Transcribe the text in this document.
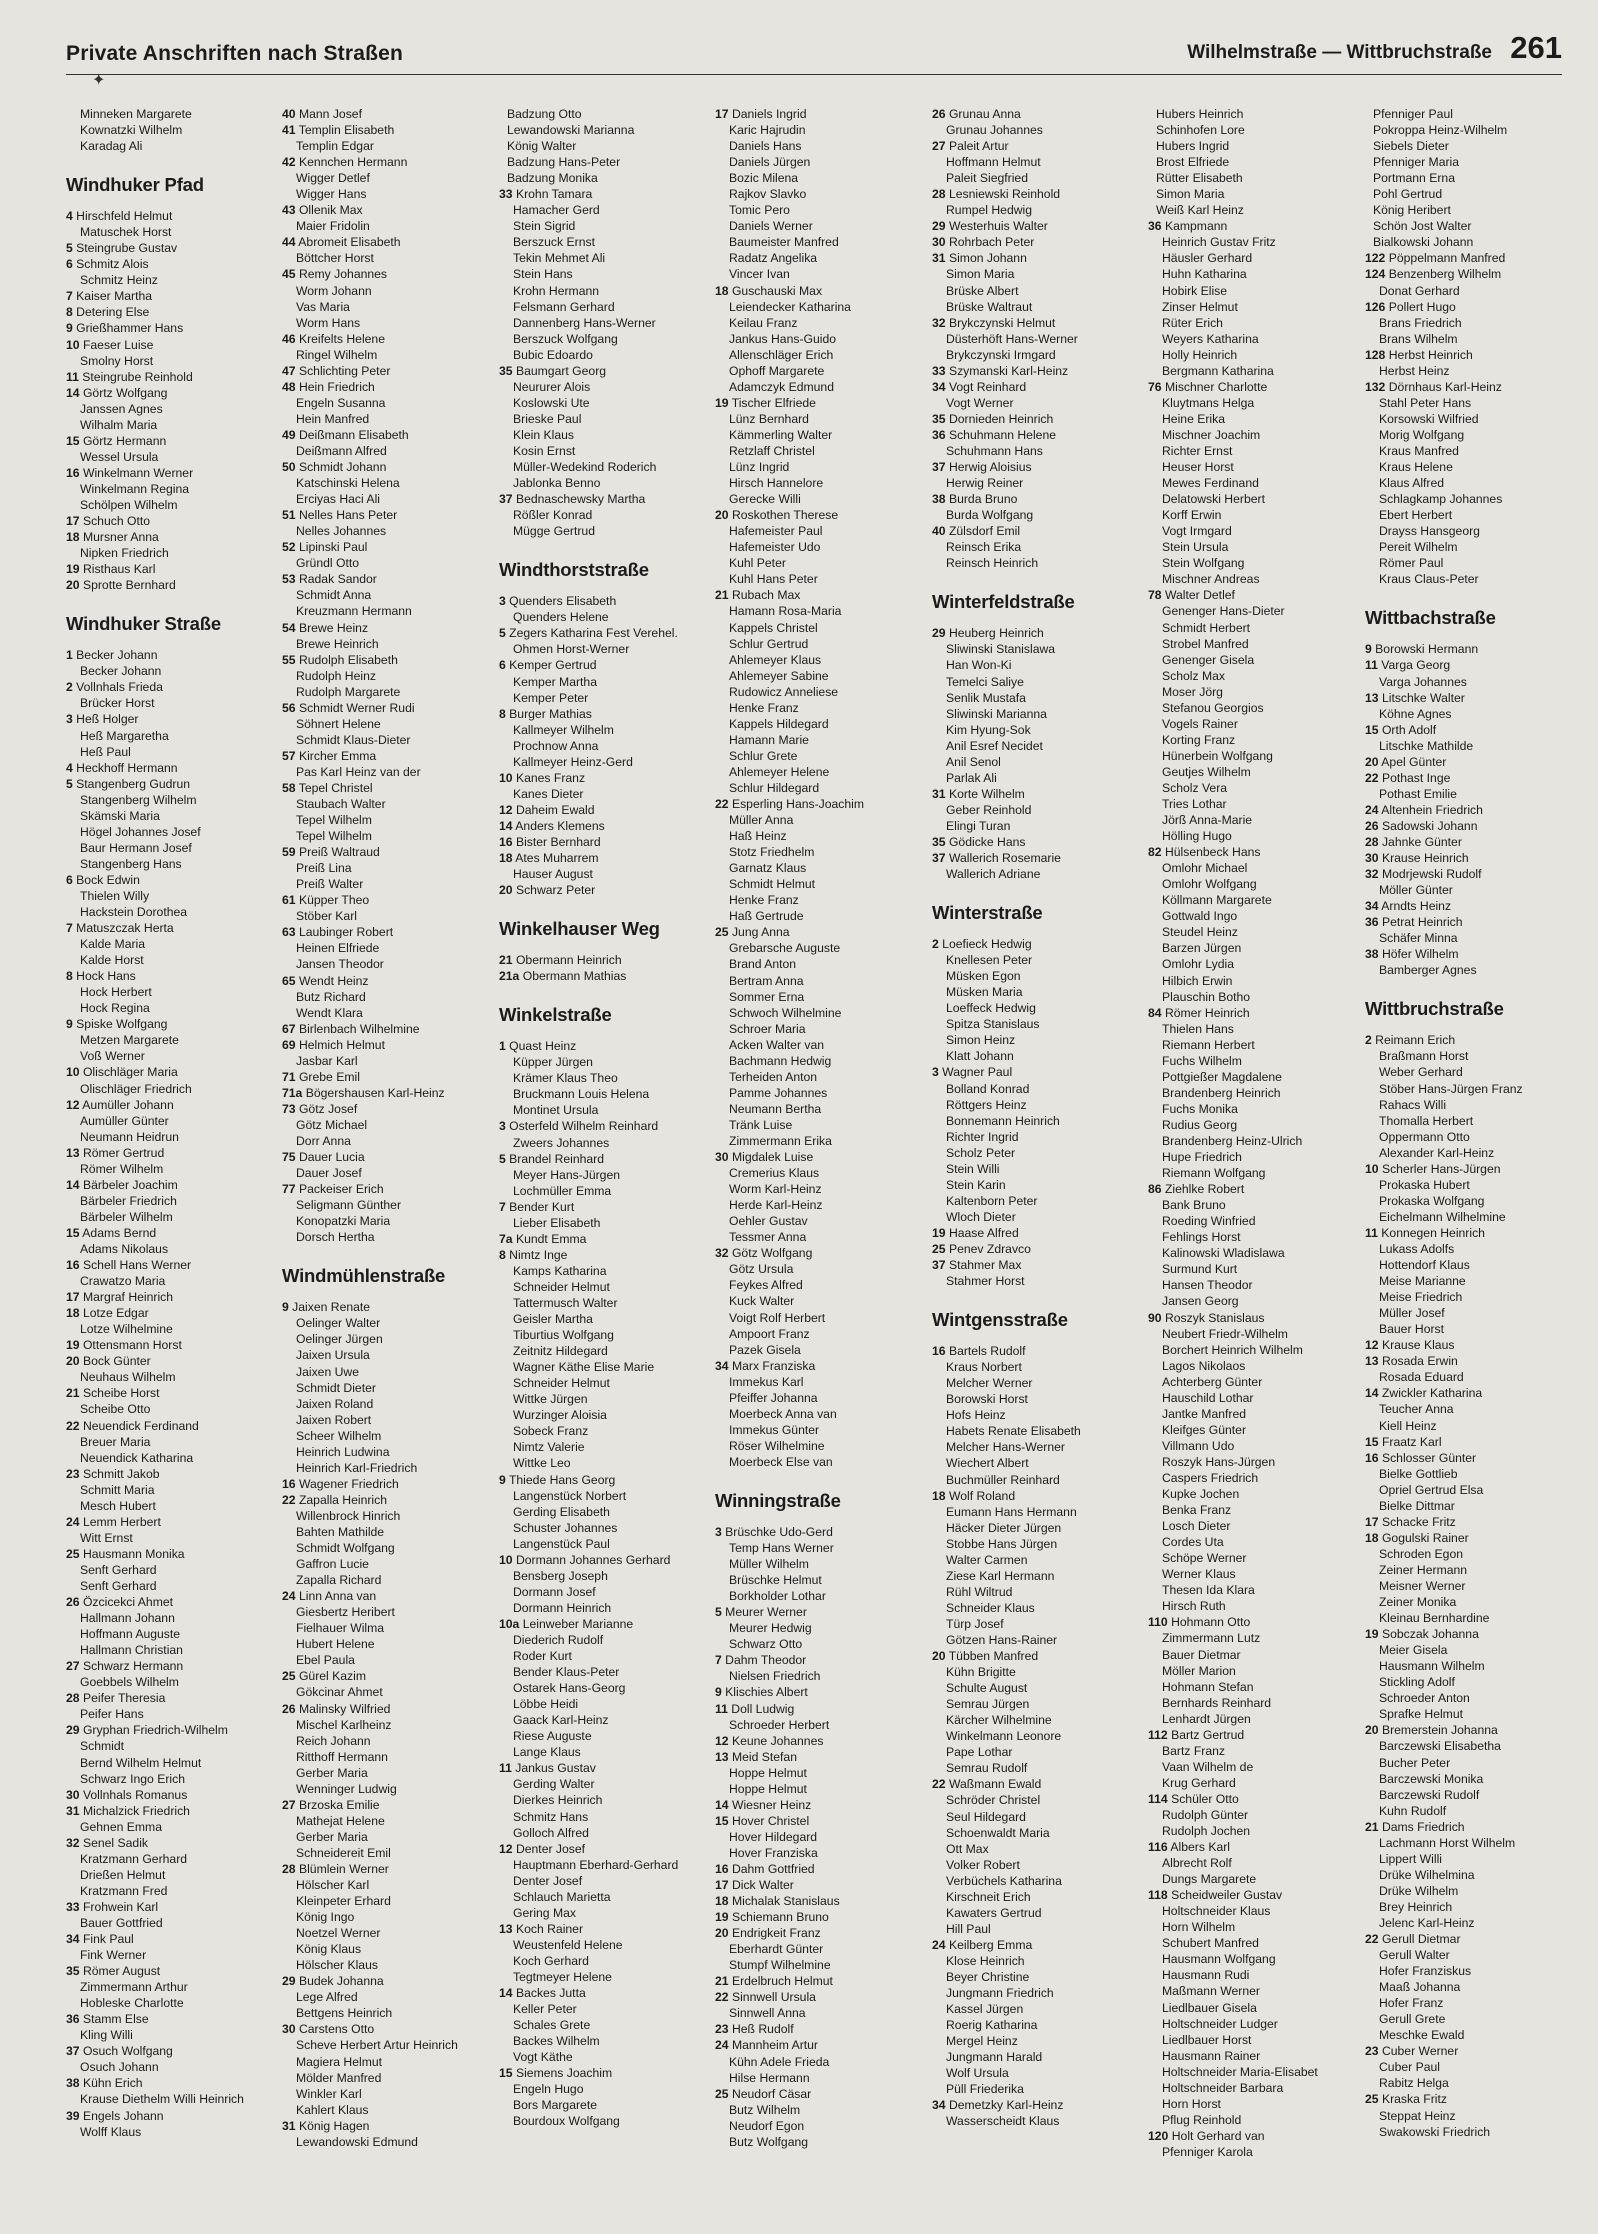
Private Anschriften nach Straßen	Wilhelmstraße — Wittbruchstraße 261
✦
Minneken Margarete
Kownatzki Wilhelm
Karadag Ali
Windhuker Pfad
4 Hirschfeld Helmut
Matuschek Horst
5 Steingrube Gustav
6 Schmitz Alois
Schmitz Heinz
7 Kaiser Martha
8 Detering Else
9 Grießhammer Hans
10 Faeser Luise
Smolny Horst
11 Steingrube Reinhold
14 Görtz Wolfgang
Janssen Agnes
Wilhalm Maria
15 Görtz Hermann
Wessel Ursula
16 Winkelmann Werner
Winkelmann Regina
Schölpen Wilhelm
17 Schuch Otto
18 Mursner Anna
Nipken Friedrich
19 Risthaus Karl
20 Sprotte Bernhard
Windhuker Straße
1 Becker Johann
Becker Johann
2 Vollnhals Frieda
Brücker Horst
3 Heß Holger
Heß Margaretha
Heß Paul
4 Heckhoff Hermann
5 Stangenberg Gudrun
Stangenberg Wilhelm
Skämski Maria
Högel Johannes Josef
Baur Hermann Josef
Stangenberg Hans
6 Bock Edwin
Thielen Willy
Hackstein Dorothea
7 Matuszczak Herta
Kalde Maria
Kalde Horst
8 Hock Hans
Hock Herbert
Hock Regina
9 Spiske Wolfgang
Metzen Margarete
Voß Werner
10 Olischläger Maria
Olischläger Friedrich
12 Aumüller Johann
Aumüller Günter
Neumann Heidrun
13 Römer Gertrud
Römer Wilhelm
14 Bärbeler Joachim
Bärbeler Friedrich
Bärbeler Wilhelm
15 Adams Bernd
Adams Nikolaus
16 Schell Hans Werner
Crawatzo Maria
17 Margraf Heinrich
18 Lotze Edgar
Lotze Wilhelmine
19 Ottensmann Horst
20 Bock Günter
Neuhaus Wilhelm
21 Scheibe Horst
Scheibe Otto
22 Neuendick Ferdinand
Breuer Maria
Neuendick Katharina
23 Schmitt Jakob
Schmitt Maria
Mesch Hubert
24 Lemm Herbert
Witt Ernst
25 Hausmann Monika
Senft Gerhard
Senft Gerhard
26 Özcicekci Ahmet
Hallmann Johann
Hoffmann Auguste
Hallmann Christian
27 Schwarz Hermann
Goebbels Wilhelm
28 Peifer Theresia
Peifer Hans
29 Gryphan Friedrich-Wilhelm
Schmidt
Bernd Wilhelm Helmut
Schwarz Ingo Erich
30 Vollnhals Romanus
31 Michalzick Friedrich
Gehnen Emma
32 Senel Sadik
Kratzmann Gerhard
Drießen Helmut
Kratzmann Fred
33 Frohwein Karl
Bauer Gottfried
34 Fink Paul
Fink Werner
35 Römer August
Zimmermann Arthur
Hobleske Charlotte
36 Stamm Else
Kling Willi
37 Osuch Wolfgang
Osuch Johann
38 Kühn Erich
Krause Diethelm Willi Heinrich
39 Engels Johann
Wolff Klaus
40 Mann Josef
41 Templin Elisabeth
Templin Edgar
42 Kennchen Hermann
Wigger Detlef
Wigger Hans
43 Ollenik Max
Maier Fridolin
44 Abromeit Elisabeth
Böttcher Horst
45 Remy Johannes
Worm Johann
Vas Maria
Worm Hans
46 Kreifelts Helene
Ringel Wilhelm
47 Schlichting Peter
48 Hein Friedrich
Engeln Susanna
Hein Manfred
49 Deißmann Elisabeth
Deißmann Alfred
50 Schmidt Johann
Katschinski Helena
Erciyas Haci Ali
51 Nelles Hans Peter
Nelles Johannes
52 Lipinski Paul
Gründl Otto
53 Radak Sandor
Schmidt Anna
Kreuzmann Hermann
54 Brewe Heinz
Brewe Heinrich
55 Rudolph Elisabeth
Rudolph Heinz
Rudolph Margarete
56 Schmidt Werner Rudi
Söhnert Helene
Schmidt Klaus-Dieter
57 Kircher Emma
Pas Karl Heinz van der
58 Tepel Christel
Staubach Walter
Tepel Wilhelm
Tepel Wilhelm
59 Preiß Waltraud
Preiß Lina
Preiß Walter
61 Küpper Theo
Stöber Karl
63 Laubinger Robert
Heinen Elfriede
Jansen Theodor
65 Wendt Heinz
Butz Richard
Wendt Klara
67 Birlenbach Wilhelmine
69 Helmich Helmut
Jasbar Karl
71 Grebe Emil
71a Bögershausen Karl-Heinz
73 Götz Josef
Götz Michael
Dorr Anna
75 Dauer Lucia
Dauer Josef
77 Packeiser Erich
Seligmann Günther
Konopatzki Maria
Dorsch Hertha
Windmühlenstraße
9 Jaixen Renate
Oelinger Walter
Oelinger Jürgen
Jaixen Ursula
Jaixen Uwe
Schmidt Dieter
Jaixen Roland
Jaixen Robert
Scheer Wilhelm
Heinrich Ludwina
Heinrich Karl-Friedrich
16 Wagener Friedrich
22 Zapalla Heinrich
Willenbrock Hinrich
Bahten Mathilde
Schmidt Wolfgang
Gaffron Lucie
Zapalla Richard
24 Linn Anna van
Giesbertz Heribert
Fielhauer Wilma
Hubert Helene
Ebel Paula
25 Gürel Kazim
Gökcinar Ahmet
26 Malinsky Wilfried
Mischel Karlheinz
Reich Johann
Ritthoff Hermann
Gerber Maria
Wenninger Ludwig
27 Brzoska Emilie
Mathejat Helene
Gerber Maria
Schneidereit Emil
28 Blümlein Werner
Hölscher Karl
Kleinpeter Erhard
König Ingo
Noetzel Werner
König Klaus
Hölscher Klaus
29 Budek Johanna
Lege Alfred
Bettgens Heinrich
30 Carstens Otto
Scheve Herbert Artur Heinrich
Magiera Helmut
Mölder Manfred
Winkler Karl
Kahlert Klaus
31 König Hagen
Lewandowski Edmund
Badzung Otto
Lewandowski Marianna
König Walter
Badzung Hans-Peter
Badzung Monika
33 Krohn Tamara
Hamacher Gerd
Stein Sigrid
Berszuck Ernst
Tekin Mehmet Ali
Stein Hans
Krohn Hermann
Felsmann Gerhard
Dannenberg Hans-Werner
Berszuck Wolfgang
Bubic Edoardo
35 Baumgart Georg
Neururer Alois
Koslowski Ute
Brieske Paul
Klein Klaus
Kosin Ernst
Müller-Wedekind Roderich
Jablonka Benno
37 Bednaschewsky Martha
Rößler Konrad
Mügge Gertrud
Windthorststraße
3 Quenders Elisabeth
Quenders Helene
5 Zegers Katharina Fest Verehel.
Ohmen Horst-Werner
6 Kemper Gertrud
Kemper Martha
Kemper Peter
8 Burger Mathias
Kallmeyer Wilhelm
Prochnow Anna
Kallmeyer Heinz-Gerd
10 Kanes Franz
Kanes Dieter
12 Daheim Ewald
14 Anders Klemens
16 Bister Bernhard
18 Ates Muharrem
Hauser August
20 Schwarz Peter
Winkelhauser Weg
21 Obermann Heinrich
21a Obermann Mathias
Winkelstraße
1 Quast Heinz
Küpper Jürgen
Krämer Klaus Theo
Bruckmann Louis Helena
Montinet Ursula
3 Osterfeld Wilhelm Reinhard
Zweers Johannes
5 Brandel Reinhard
Meyer Hans-Jürgen
Lochmüller Emma
7 Bender Kurt
Lieber Elisabeth
7a Kundt Emma
8 Nimtz Inge
Kamps Katharina
Schneider Helmut
Tattermusch Walter
Geisler Martha
Tiburtius Wolfgang
Zeitnitz Hildegard
Wagner Käthe Elise Marie
Schneider Helmut
Wittke Jürgen
Wurzinger Aloisia
Sobeck Franz
Nimtz Valerie
Wittke Leo
9 Thiede Hans Georg
Langenstück Norbert
Gerding Elisabeth
Schuster Johannes
Langenstück Paul
10 Dormann Johannes Gerhard
Bensberg Joseph
Dormann Josef
Dormann Heinrich
10a Leinweber Marianne
Diederich Rudolf
Roder Kurt
Bender Klaus-Peter
Ostarek Hans-Georg
Löbbe Heidi
Gaack Karl-Heinz
Riese Auguste
Lange Klaus
11 Jankus Gustav
Gerding Walter
Dierkes Heinrich
Schmitz Hans
Golloch Alfred
12 Denter Josef
Hauptmann Eberhard-Gerhard
Denter Josef
Schlauch Marietta
Gering Max
13 Koch Rainer
Weustenfeld Helene
Koch Gerhard
Tegtmeyer Helene
14 Backes Jutta
Keller Peter
Schales Grete
Backes Wilhelm
Vogt Käthe
15 Siemens Joachim
Engeln Hugo
Bors Margarete
Bourdoux Wolfgang
17 Daniels Ingrid
Karic Hajrudin
Daniels Hans
Daniels Jürgen
Bozic Milena
Rajkov Slavko
Tomic Pero
Daniels Werner
Baumeister Manfred
Radatz Angelika
Vincer Ivan
18 Guschauski Max
Leiendecker Katharina
Keilau Franz
Jankus Hans-Guido
Allenschläger Erich
Ophoff Margarete
Adamczyk Edmund
19 Tischer Elfriede
Lünz Bernhard
Kämmerling Walter
Retzlaff Christel
Lünz Ingrid
Hirsch Hannelore
Gerecke Willi
20 Roskothen Therese
Hafemeister Paul
Hafemeister Udo
Kuhl Peter
Kuhl Hans Peter
21 Rubach Max
Hamann Rosa-Maria
Kappels Christel
Schlur Gertrud
Ahlemeyer Klaus
Ahlemeyer Sabine
Rudowicz Anneliese
Henke Franz
Kappels Hildegard
Hamann Marie
Schlur Grete
Ahlemeyer Helene
Schlur Hildegard
22 Esperling Hans-Joachim
Müller Anna
Haß Heinz
Stotz Friedhelm
Garnatz Klaus
Schmidt Helmut
Henke Franz
Haß Gertrude
25 Jung Anna
Grebarsche Auguste
Brand Anton
Bertram Anna
Sommer Erna
Schwoch Wilhelmine
Schroer Maria
Acken Walter van
Bachmann Hedwig
Terheiden Anton
Pamme Johannes
Neumann Bertha
Tränk Luise
Zimmermann Erika
30 Migdalek Luise
Cremerius Klaus
Worm Karl-Heinz
Herde Karl-Heinz
Oehler Gustav
Tessmer Anna
32 Götz Wolfgang
Götz Ursula
Feykes Alfred
Kuck Walter
Voigt Rolf Herbert
Ampoort Franz
Pazek Gisela
34 Marx Franziska
Immekus Karl
Pfeiffer Johanna
Moerbeck Anna van
Immekus Günter
Röser Wilhelmine
Moerbeck Else van
Winningstraße
3 Brüschke Udo-Gerd
Temp Hans Werner
Müller Wilhelm
Brüschke Helmut
Borkholder Lothar
5 Meurer Werner
Meurer Hedwig
Schwarz Otto
7 Dahm Theodor
Nielsen Friedrich
9 Klischies Albert
11 Doll Ludwig
Schroeder Herbert
12 Keune Johannes
13 Meid Stefan
Hoppe Helmut
Hoppe Helmut
14 Wiesner Heinz
15 Hover Christel
Hover Hildegard
Hover Franziska
16 Dahm Gottfried
17 Dick Walter
18 Michalak Stanislaus
19 Schiemann Bruno
20 Endrigkeit Franz
Eberhardt Günter
Stumpf Wilhelmine
21 Erdelbruch Helmut
22 Sinnwell Ursula
Sinnwell Anna
23 Heß Rudolf
24 Mannheim Artur
Kühn Adele Frieda
Hilse Hermann
25 Neudorf Cäsar
Butz Wilhelm
Neudorf Egon
Butz Wolfgang
26 Grunau Anna
Grunau Johannes
27 Paleit Artur
Hoffmann Helmut
Paleit Siegfried
28 Lesniewski Reinhold
Rumpel Hedwig
29 Westerhuis Walter
30 Rohrbach Peter
31 Simon Johann
Simon Maria
Brüske Albert
Brüske Waltraut
32 Brykczynski Helmut
Düsterhöft Hans-Werner
Brykczynski Irmgard
33 Szymanski Karl-Heinz
34 Vogt Reinhard
Vogt Werner
35 Dornieden Heinrich
36 Schuhmann Helene
Schuhmann Hans
37 Herwig Aloisius
Herwig Reiner
38 Burda Bruno
Burda Wolfgang
40 Zülsdorf Emil
Reinsch Erika
Reinsch Heinrich
Winterfeldstraße
29 Heuberg Heinrich
Sliwinski Stanislawa
Han Won-Ki
Temelci Saliye
Senlik Mustafa
Sliwinski Marianna
Kim Hyung-Sok
Anil Esref Necidet
Anil Senol
Parlak Ali
31 Korte Wilhelm
Geber Reinhold
Elingi Turan
35 Gödicke Hans
37 Wallerich Rosemarie
Wallerich Adriane
Winterstraße
2 Loefieck Hedwig
Knellesen Peter
Müsken Egon
Müsken Maria
Loeffeck Hedwig
Spitza Stanislaus
Simon Heinz
Klatt Johann
3 Wagner Paul
Bolland Konrad
Röttgers Heinz
Bonnemann Heinrich
Richter Ingrid
Scholz Peter
Stein Willi
Stein Karin
Kaltenborn Peter
Wloch Dieter
19 Haase Alfred
25 Penev Zdravco
37 Stahmer Max
Stahmer Horst
Wintgensstraße
16 Bartels Rudolf
Kraus Norbert
Melcher Werner
Borowski Horst
Hofs Heinz
Habets Renate Elisabeth
Melcher Hans-Werner
Wiechert Albert
Buchmüller Reinhard
18 Wolf Roland
Eumann Hans Hermann
Häcker Dieter Jürgen
Stobbe Hans Jürgen
Walter Carmen
Ziese Karl Hermann
Rühl Wiltrud
Schneider Klaus
Türp Josef
Götzen Hans-Rainer
20 Tübben Manfred
Kühn Brigitte
Schulte August
Semrau Jürgen
Kärcher Wilhelmine
Winkelmann Leonore
Pape Lothar
Semrau Rudolf
22 Waßmann Ewald
Schröder Christel
Seul Hildegard
Schoenwaldt Maria
Ott Max
Volker Robert
Verbüchels Katharina
Kirschneit Erich
Kawaters Gertrud
Hill Paul
24 Keilberg Emma
Klose Heinrich
Beyer Christine
Jungmann Friedrich
Kassel Jürgen
Roerig Katharina
Mergel Heinz
Jungmann Harald
Wolf Ursula
Püll Friederika
34 Demetzky Karl-Heinz
Wasserscheidt Klaus
Hubers Heinrich
Schinhofen Lore
Hubers Ingrid
Brost Elfriede
Rütter Elisabeth
Simon Maria
Weiß Karl Heinz
36 Kampmann
Heinrich Gustav Fritz
Häusler Gerhard
Huhn Katharina
Hobirk Elise
Zinser Helmut
Rüter Erich
Weyers Katharina
Holly Heinrich
Bergmann Katharina
76 Mischner Charlotte
Kluytmans Helga
Heine Erika
Mischner Joachim
Richter Ernst
Heuser Horst
Mewes Ferdinand
Delatowski Herbert
Korff Erwin
Vogt Irmgard
Stein Ursula
Stein Wolfgang
Mischner Andreas
78 Walter Detlef
Genenger Hans-Dieter
Schmidt Herbert
Strobel Manfred
Genenger Gisela
Scholz Max
Moser Jörg
Stefanou Georgios
Vogels Rainer
Korting Franz
Hünerbein Wolfgang
Geutjes Wilhelm
Scholz Vera
Tries Lothar
Jörß Anna-Marie
Hölling Hugo
82 Hülsenbeck Hans
Omlohr Michael
Omlohr Wolfgang
Köllmann Margarete
Gottwald Ingo
Steudel Heinz
Barzen Jürgen
Omlohr Lydia
Hilbich Erwin
Plauschin Botho
84 Römer Heinrich
Thielen Hans
Riemann Herbert
Fuchs Wilhelm
Pottgießer Magdalene
Brandenberg Heinrich
Fuchs Monika
Rudius Georg
Brandenberg Heinz-Ulrich
Hupe Friedrich
Riemann Wolfgang
86 Ziehlke Robert
Bank Bruno
Roeding Winfried
Fehlings Horst
Kalinowski Wladislawa
Surmund Kurt
Hansen Theodor
Jansen Georg
90 Roszyk Stanislaus
Neubert Friedr-Wilhelm
Borchert Heinrich Wilhelm
Lagos Nikolaos
Achterberg Günter
Hauschild Lothar
Jantke Manfred
Kleifges Günter
Villmann Udo
Roszyk Hans-Jürgen
Caspers Friedrich
Kupke Jochen
Benka Franz
Losch Dieter
Cordes Uta
Schöpe Werner
Werner Klaus
Thesen Ida Klara
Hirsch Ruth
110 Hohmann Otto
Zimmermann Lutz
Bauer Dietmar
Möller Marion
Hohmann Stefan
Bernhards Reinhard
Lenhardt Jürgen
112 Bartz Gertrud
Bartz Franz
Vaan Wilhelm de
Krug Gerhard
114 Schüler Otto
Rudolph Günter
Rudolph Jochen
116 Albers Karl
Albrecht Rolf
Dungs Margarete
118 Scheidweiler Gustav
Holtschneider Klaus
Horn Wilhelm
Schubert Manfred
Hausmann Wolfgang
Hausmann Rudi
Maßmann Werner
Liedlbauer Gisela
Holtschneider Ludger
Liedlbauer Horst
Hausmann Rainer
Holtschneider Maria-Elisabet
Holtschneider Barbara
Horn Horst
Pflug Reinhold
120 Holt Gerhard van
Pfenniger Karola
Pfenniger Paul
Pokroppa Heinz-Wilhelm
Siebels Dieter
Pfenniger Maria
Portmann Erna
Pohl Gertrud
König Heribert
Schön Jost Walter
Bialkowski Johann
122 Pöppelmann Manfred
124 Benzenberg Wilhelm
Donat Gerhard
126 Pollert Hugo
Brans Friedrich
Brans Wilhelm
128 Herbst Heinrich
Herbst Heinz
132 Dörnhaus Karl-Heinz
Stahl Peter Hans
Korsowski Wilfried
Morig Wolfgang
Kraus Manfred
Kraus Helene
Klaus Alfred
Schlagkamp Johannes
Ebert Herbert
Drayss Hansgeorg
Pereit Wilhelm
Römer Paul
Kraus Claus-Peter
Wittbachstraße
9 Borowski Hermann
11 Varga Georg
Varga Johannes
13 Litschke Walter
Köhne Agnes
15 Orth Adolf
Litschke Mathilde
20 Apel Günter
22 Pothast Inge
Pothast Emilie
24 Altenhein Friedrich
26 Sadowski Johann
28 Jahnke Günter
30 Krause Heinrich
32 Modrjewski Rudolf
Möller Günter
34 Arndts Heinz
36 Petrat Heinrich
Schäfer Minna
38 Höfer Wilhelm
Bamberger Agnes
Wittbruchstraße
2 Reimann Erich
Braßmann Horst
Weber Gerhard
Stöber Hans-Jürgen Franz
Rahacs Willi
Thomalla Herbert
Oppermann Otto
Alexander Karl-Heinz
10 Scherler Hans-Jürgen
Prokaska Hubert
Prokaska Wolfgang
Eichelmann Wilhelmine
11 Konnegen Heinrich
Lukass Adolfs
Hottendorf Klaus
Meise Marianne
Meise Friedrich
Müller Josef
Bauer Horst
12 Krause Klaus
13 Rosada Erwin
Rosada Eduard
14 Zwickler Katharina
Teucher Anna
Kiell Heinz
15 Fraatz Karl
16 Schlosser Günter
Bielke Gottlieb
Opriel Gertrud Elsa
Bielke Dittmar
17 Schacke Fritz
18 Gogulski Rainer
Schroden Egon
Zeiner Hermann
Meisner Werner
Zeiner Monika
Kleinau Bernhardine
19 Sobczak Johanna
Meier Gisela
Hausmann Wilhelm
Stickling Adolf
Schroeder Anton
Sprafke Helmut
20 Bremerstein Johanna
Barczewski Elisabetha
Bucher Peter
Barczewski Monika
Barczewski Rudolf
Kuhn Rudolf
21 Dams Friedrich
Lachmann Horst Wilhelm
Lippert Willi
Drüke Wilhelmina
Drüke Wilhelm
Brey Heinrich
Jelenc Karl-Heinz
22 Gerull Dietmar
Gerull Walter
Hofer Franziskus
Maaß Johanna
Hofer Franz
Gerull Grete
Meschke Ewald
23 Cuber Werner
Cuber Paul
Rabitz Helga
25 Kraska Fritz
Steppat Heinz
Swakowski Friedrich
